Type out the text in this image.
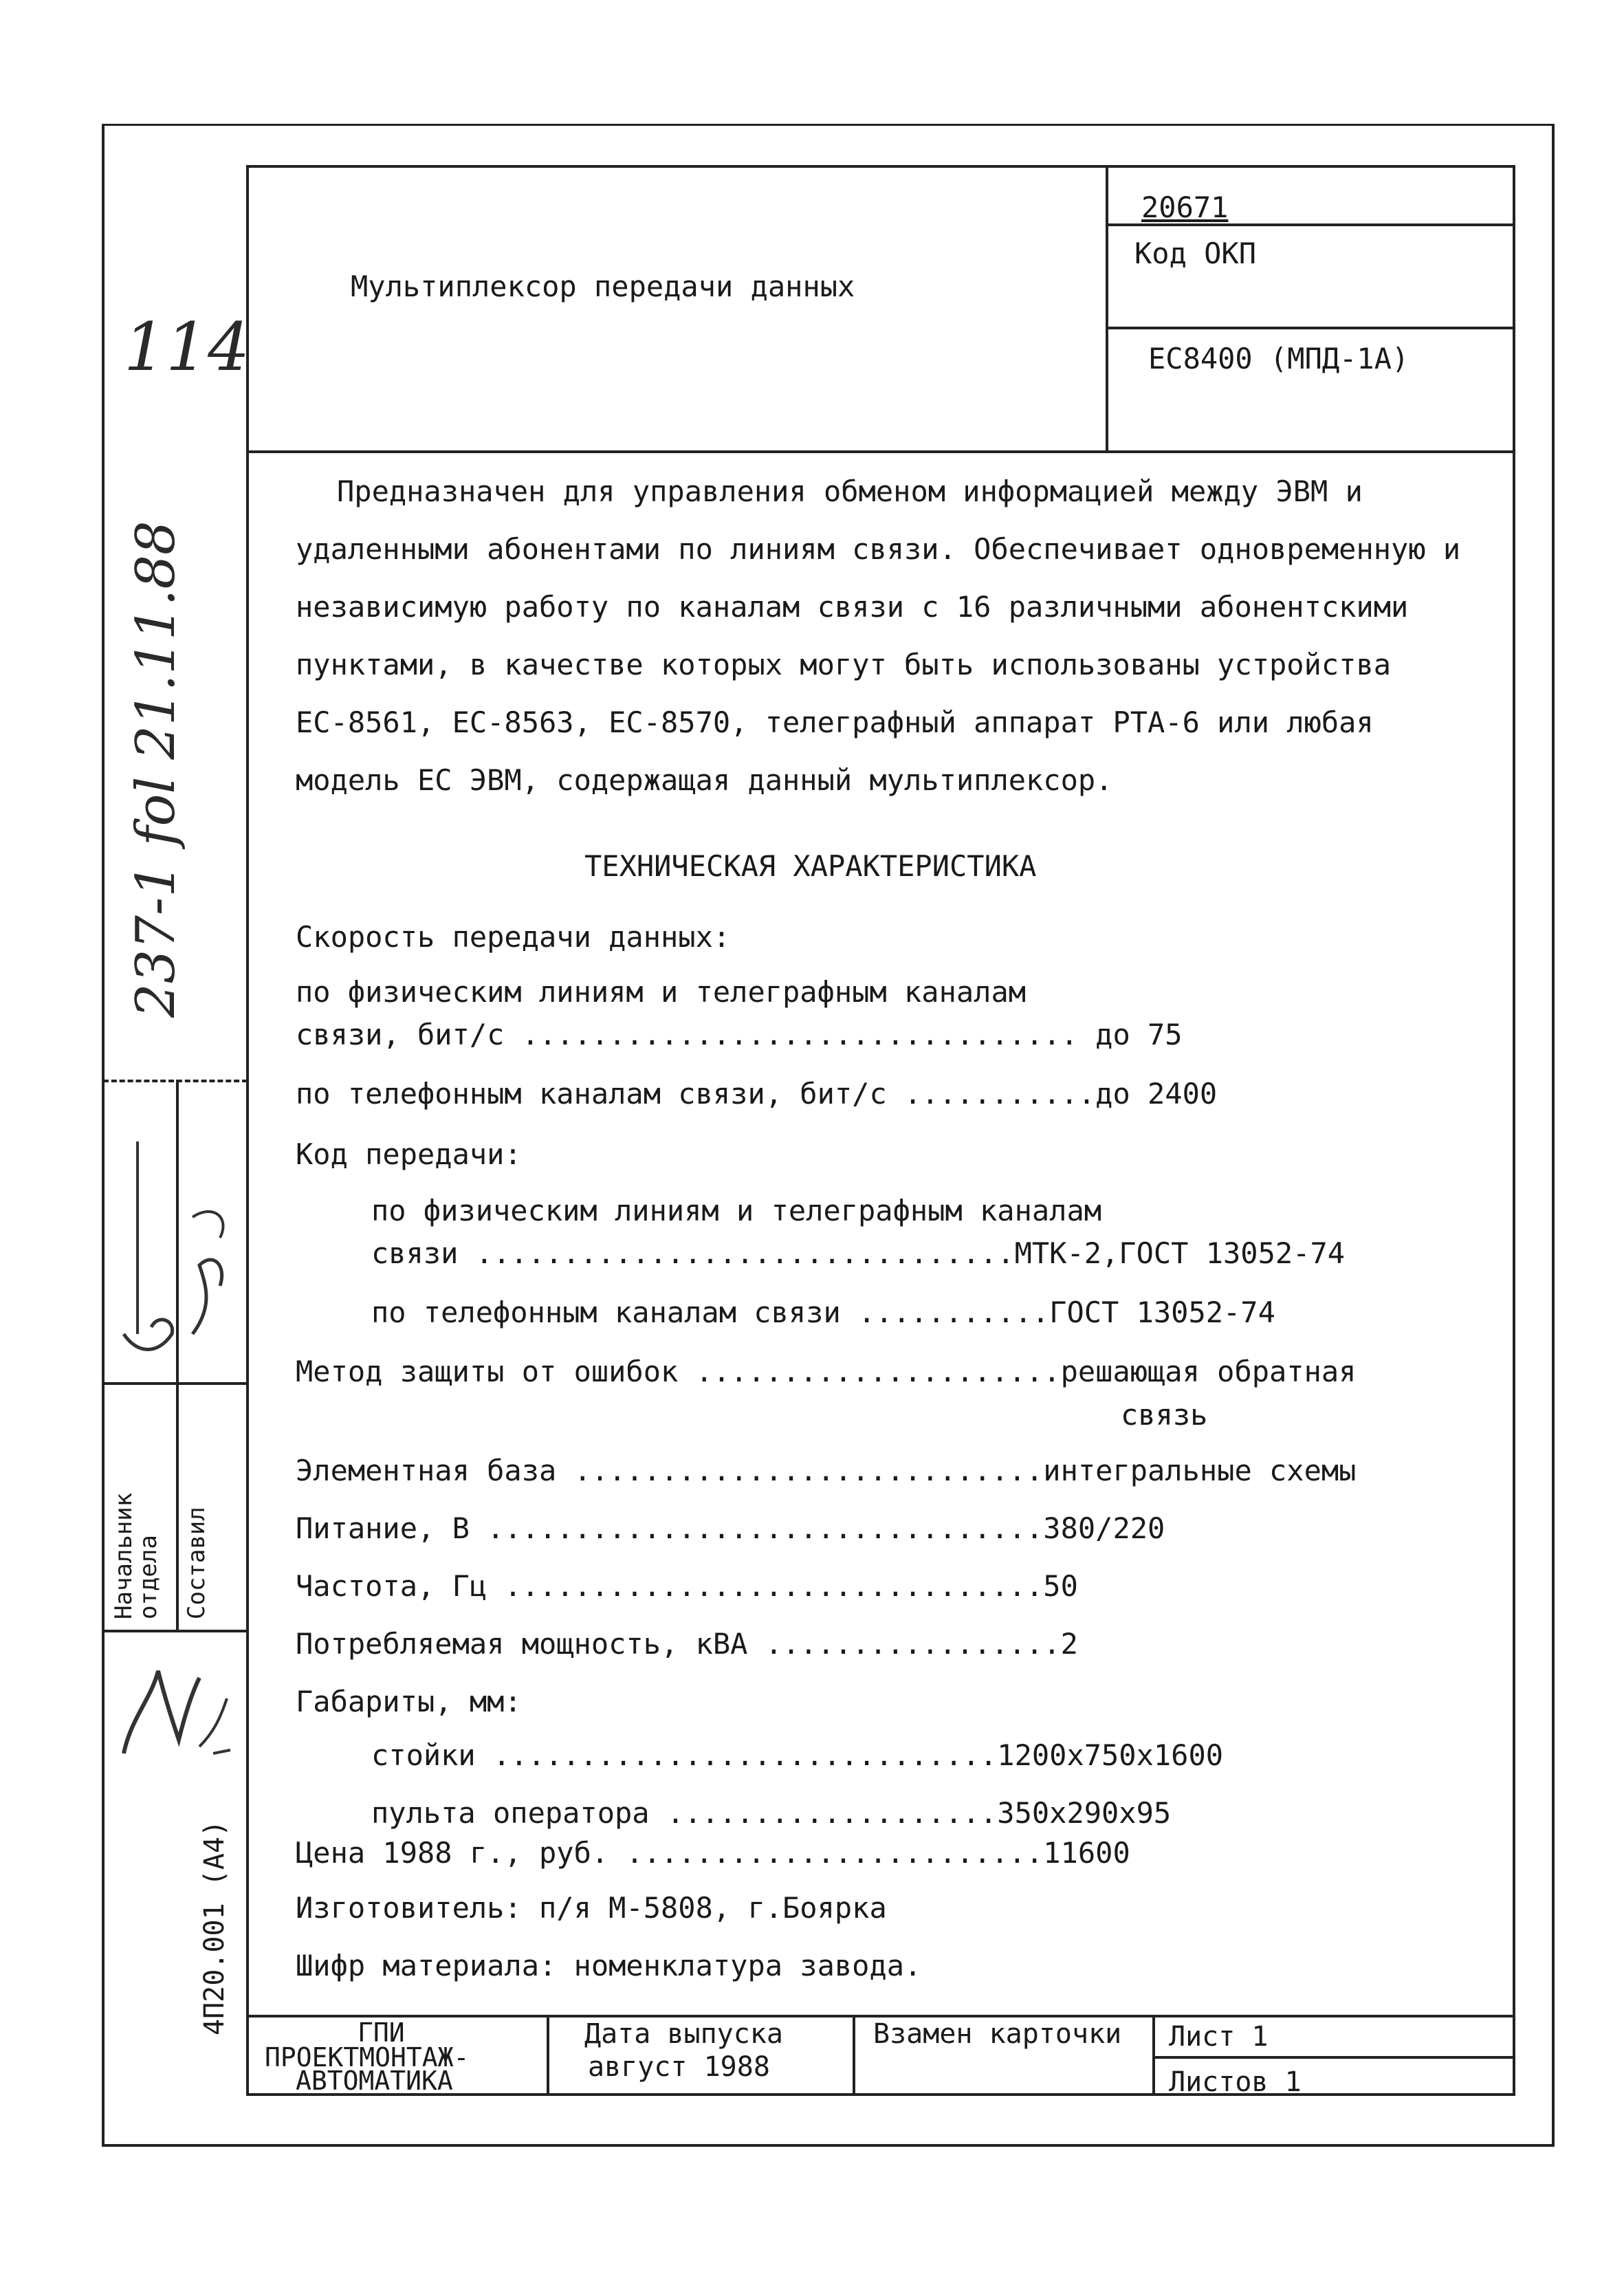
Мультиплексор передачи данных
20671
Код ОКП
ЕС8400 (МПД-1А)
Предназначен для управления обменом информацией между ЭВМ и
удаленными абонентами по линиям связи. Обеспечивает одновременную и
независимую работу по каналам связи с 16 различными абонентскими
пунктами, в качестве которых могут быть использованы устройства
ЕС-8561, ЕС-8563, ЕС-8570, телеграфный аппарат РТА-6 или любая
модель ЕС ЭВМ, содержащая данный мультиплексор.
ТЕХНИЧЕСКАЯ ХАРАКТЕРИСТИКА
Скорость передачи данных:
по физическим линиям и телеграфным каналам
связи, бит/с ................................ до 75
по телефонным каналам связи, бит/с ...........до 2400
Код передачи:
по физическим линиям и телеграфным каналам
связи ...............................МТК-2,ГОСТ 13052-74
по телефонным каналам связи ...........ГОСТ 13052-74
Метод защиты от ошибок .....................решающая обратная
связь
Элементная база ...........................интегральные схемы
Питание, В ................................380/220
Частота, Гц ...............................50
Потребляемая мощность, кВА .................2
Габариты, мм:
стойки .............................1200х750х1600
пульта оператора ...................350х290х95
Цена 1988 г., руб. ........................11600
Изготовитель: п/я М-5808, г.Боярка
Шифр материала: номенклатура завода.
ГПИ
ПРОЕКТМОНТАЖ-
АВТОМАТИКА
Дата выпуска
август 1988
Взамен карточки Лист 1
Листов 1
114
237-1 fol 21.11.88
Начальник отдела Составил
4П20.001 (А4)
